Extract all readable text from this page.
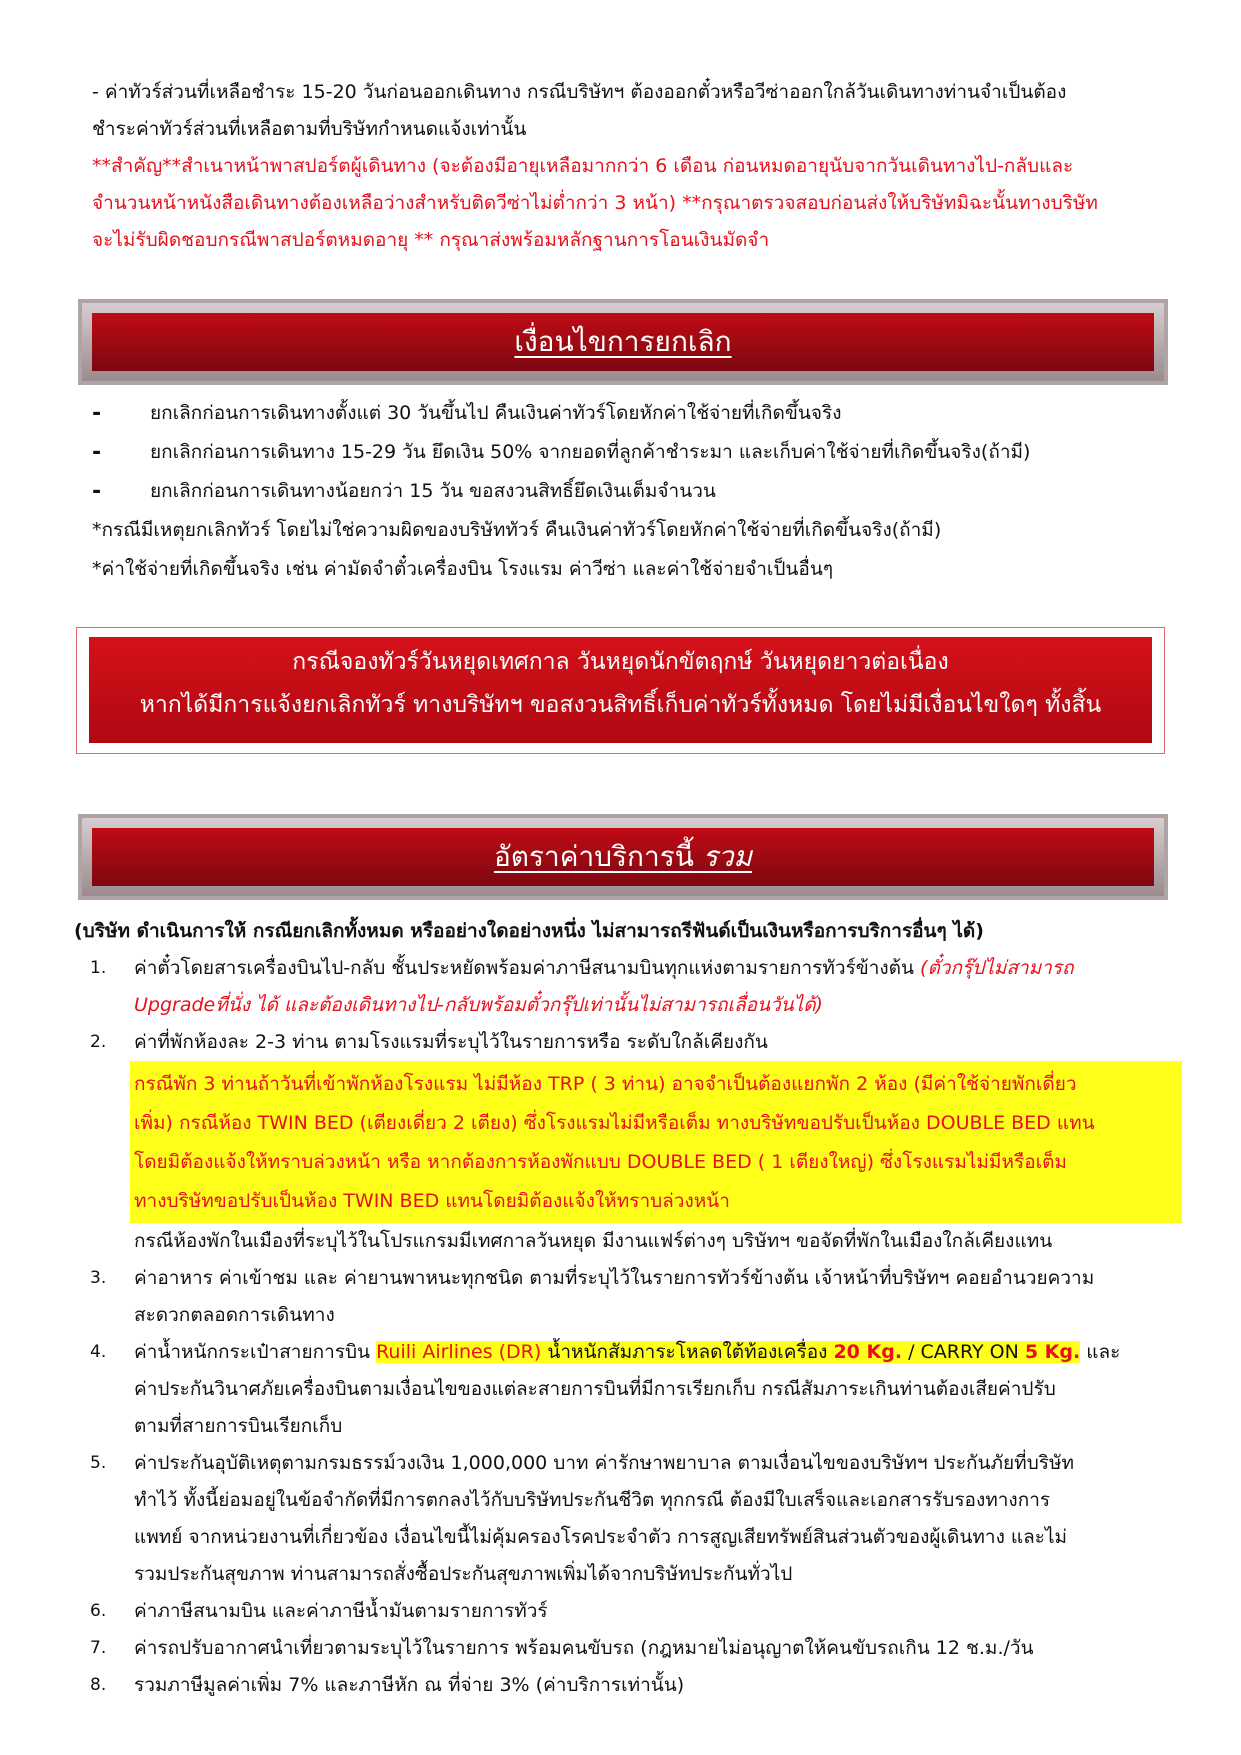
- ค่าทัวร์ส่วนที่เหลือชำระ 15-20 วันก่อนออกเดินทาง กรณีบริษัทฯ ต้องออกตั๋วหรือวีซ่าออกใกล้วันเดินทางท่านจำเป็นต้อง
ชำระค่าทัวร์ส่วนที่เหลือตามที่บริษัทกำหนดแจ้งเท่านั้น
**สำคัญ**สำเนาหน้าพาสปอร์ตผู้เดินทาง (จะต้องมีอายุเหลือมากกว่า 6 เดือน ก่อนหมดอายุนับจากวันเดินทางไป-กลับและ
จำนวนหน้าหนังสือเดินทางต้องเหลือว่างสำหรับติดวีซ่าไม่ต่ำกว่า 3 หน้า) **กรุณาตรวจสอบก่อนส่งให้บริษัทมิฉะนั้นทางบริษัท
จะไม่รับผิดชอบกรณีพาสปอร์ตหมดอายุ ** กรุณาส่งพร้อมหลักฐานการโอนเงินมัดจำ
เงื่อนไขการยกเลิก
-	ยกเลิกก่อนการเดินทางตั้งแต่ 30 วันขึ้นไป คืนเงินค่าทัวร์โดยหักค่าใช้จ่ายที่เกิดขึ้นจริง
-	ยกเลิกก่อนการเดินทาง 15-29 วัน ยึดเงิน 50% จากยอดที่ลูกค้าชำระมา และเก็บค่าใช้จ่ายที่เกิดขึ้นจริง(ถ้ามี)
-	ยกเลิกก่อนการเดินทางน้อยกว่า 15 วัน ขอสงวนสิทธิ์ยึดเงินเต็มจำนวน
*กรณีมีเหตุยกเลิกทัวร์ โดยไม่ใช่ความผิดของบริษัททัวร์ คืนเงินค่าทัวร์โดยหักค่าใช้จ่ายที่เกิดขึ้นจริง(ถ้ามี)
*ค่าใช้จ่ายที่เกิดขึ้นจริง เช่น ค่ามัดจำตั๋วเครื่องบิน โรงแรม ค่าวีซ่า และค่าใช้จ่ายจำเป็นอื่นๆ
กรณีจองทัวร์วันหยุดเทศกาล วันหยุดนักขัตฤกษ์ วันหยุดยาวต่อเนื่อง
หากได้มีการแจ้งยกเลิกทัวร์ ทางบริษัทฯ ขอสงวนสิทธิ์เก็บค่าทัวร์ทั้งหมด โดยไม่มีเงื่อนไขใดๆ ทั้งสิ้น
อัตราค่าบริการนี้ รวม
(บริษัท ดำเนินการให้ กรณียกเลิกทั้งหมด หรืออย่างใดอย่างหนึ่ง ไม่สามารถรีฟันด์เป็นเงินหรือการบริการอื่นๆ ได้)
1.	ค่าตั๋วโดยสารเครื่องบินไป-กลับ ชั้นประหยัดพร้อมค่าภาษีสนามบินทุกแห่งตามรายการทัวร์ข้างต้น (ตั๋วกรุ๊ปไม่สามารถ
Upgradeที่นั่ง ได้ และต้องเดินทางไป-กลับพร้อมตั๋วกรุ๊ปเท่านั้นไม่สามารถเลื่อนวันได้)
2.	ค่าที่พักห้องละ 2-3 ท่าน ตามโรงแรมที่ระบุไว้ในรายการหรือ ระดับใกล้เคียงกัน
กรณีพัก 3 ท่านถ้าวันที่เข้าพักห้องโรงแรม ไม่มีห้อง TRP ( 3 ท่าน) อาจจำเป็นต้องแยกพัก 2 ห้อง (มีค่าใช้จ่ายพักเดี่ยว
เพิ่ม) กรณีห้อง TWIN BED (เตียงเดี่ยว 2 เตียง) ซึ่งโรงแรมไม่มีหรือเต็ม ทางบริษัทขอปรับเป็นห้อง DOUBLE BED แทน
โดยมิต้องแจ้งให้ทราบล่วงหน้า หรือ หากต้องการห้องพักแบบ DOUBLE BED ( 1 เตียงใหญ่) ซึ่งโรงแรมไม่มีหรือเต็ม
ทางบริษัทขอปรับเป็นห้อง TWIN BED แทนโดยมิต้องแจ้งให้ทราบล่วงหน้า
กรณีห้องพักในเมืองที่ระบุไว้ในโปรแกรมมีเทศกาลวันหยุด มีงานแฟร์ต่างๆ บริษัทฯ ขอจัดที่พักในเมืองใกล้เคียงแทน
3.	ค่าอาหาร ค่าเข้าชม และ ค่ายานพาหนะทุกชนิด ตามที่ระบุไว้ในรายการทัวร์ข้างต้น เจ้าหน้าที่บริษัทฯ คอยอำนวยความ
สะดวกตลอดการเดินทาง
4.	ค่าน้ำหนักกระเป๋าสายการบิน Ruili Airlines (DR) น้ำหนักสัมภาระโหลดใต้ท้องเครื่อง 20 Kg. / CARRY ON 5 Kg. และ
ค่าประกันวินาศภัยเครื่องบินตามเงื่อนไขของแต่ละสายการบินที่มีการเรียกเก็บ กรณีสัมภาระเกินท่านต้องเสียค่าปรับ
ตามที่สายการบินเรียกเก็บ
5.	ค่าประกันอุบัติเหตุตามกรมธรรม์วงเงิน 1,000,000 บาท ค่ารักษาพยาบาล ตามเงื่อนไขของบริษัทฯ ประกันภัยที่บริษัท
ทำไว้ ทั้งนี้ย่อมอยู่ในข้อจำกัดที่มีการตกลงไว้กับบริษัทประกันชีวิต ทุกกรณี ต้องมีใบเสร็จและเอกสารรับรองทางการ
แพทย์ จากหน่วยงานที่เกี่ยวข้อง เงื่อนไขนี้ไม่คุ้มครองโรคประจำตัว การสูญเสียทรัพย์สินส่วนตัวของผู้เดินทาง และไม่
รวมประกันสุขภาพ ท่านสามารถสั่งซื้อประกันสุขภาพเพิ่มได้จากบริษัทประกันทั่วไป
6.	ค่าภาษีสนามบิน และค่าภาษีน้ำมันตามรายการทัวร์
7.	ค่ารถปรับอากาศนำเที่ยวตามระบุไว้ในรายการ พร้อมคนขับรถ (กฎหมายไม่อนุญาตให้คนขับรถเกิน 12 ช.ม./วัน
8.	รวมภาษีมูลค่าเพิ่ม 7% และภาษีหัก ณ ที่จ่าย 3% (ค่าบริการเท่านั้น)
